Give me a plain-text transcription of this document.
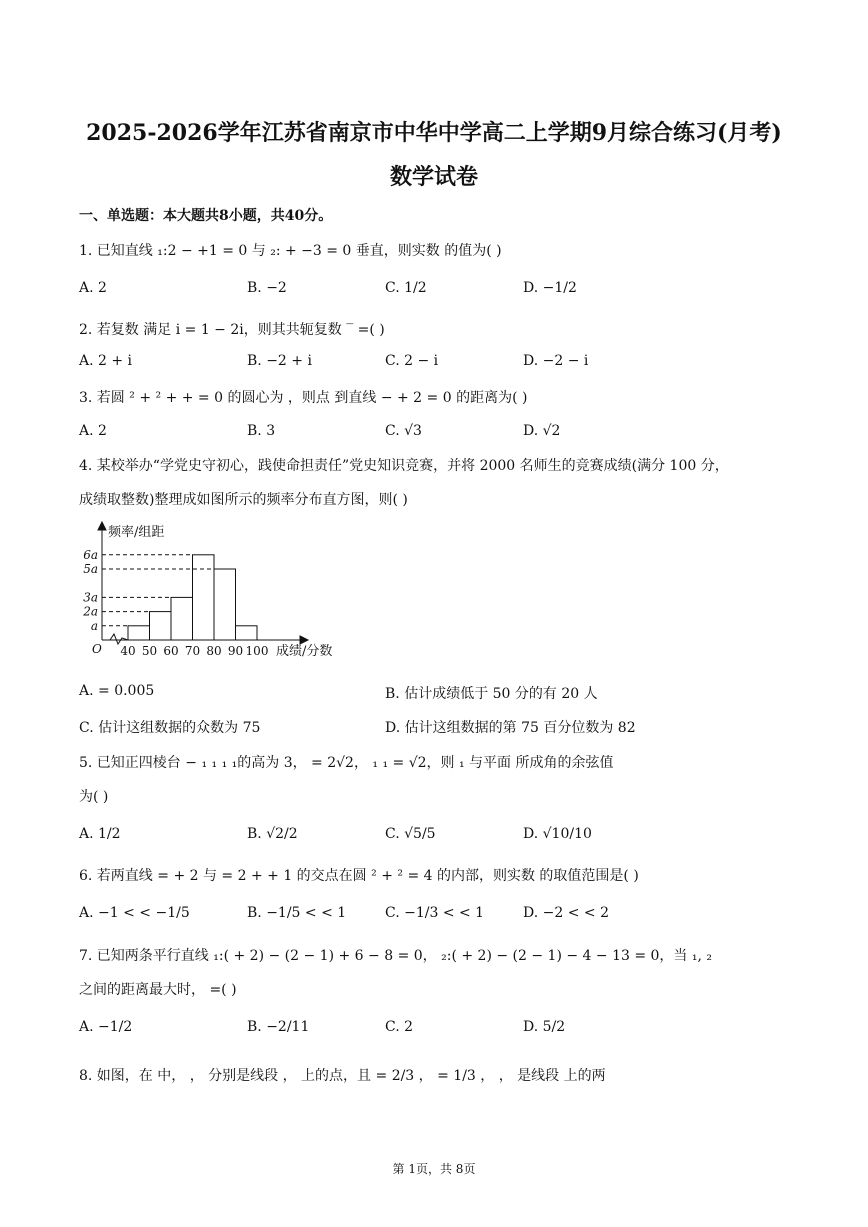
2025-2026学年江苏省南京市中华中学高二上学期9月综合练习(月考)
数学试卷
一、单选题：本大题共8小题，共40分。
1. 已知直线 ₁:2 − +1 = 0 与 ₂: + −3 = 0 垂直，则实数 的值为( )
A. 2	B. −2	C. 1/2	D. −1/2
2. 若复数 满足 i = 1 − 2i，则其共轭复数 ‾ =( )
A. 2 + i	B. −2 + i	C. 2 − i	D. −2 − i
3. 若圆 ² + ² + + = 0 的圆心为 ，则点 到直线 − + 2 = 0 的距离为( )
A. 2	B. 3	C. √3	D. √2
4. 某校举办“学党史守初心，践使命担责任”党史知识竞赛，并将 2000 名师生的竞赛成绩(满分 100 分，
成绩取整数)整理成如图所示的频率分布直方图，则( )
a
2a
3a
5a
6a
40 50 60 70 80 90 100
O
频率/组距
成绩/分数
A. = 0.005	B. 估计成绩低于 50 分的有 20 人
C. 估计这组数据的众数为 75	D. 估计这组数据的第 75 百分位数为 82
5. 已知正四棱台 − ₁ ₁ ₁ ₁的高为 3， = 2√2， ₁ ₁ = √2，则 ₁ 与平面 所成角的余弦值
为( )
A. 1/2	B. √2/2	C. √5/5	D. √10/10
6. 若两直线 = + 2 与 = 2 + + 1 的交点在圆 ² + ² = 4 的内部，则实数 的取值范围是( )
A. −1 < < −1/5	B. −1/5 < < 1	C. −1/3 < < 1	D. −2 < < 2
7. 已知两条平行直线 ₁:( + 2) − (2 − 1) + 6 − 8 = 0， ₂:( + 2) − (2 − 1) − 4 − 13 = 0，当 ₁, ₂
之间的距离最大时， =( )
A. −1/2	B. −2/11	C. 2	D. 5/2
8. 如图，在 中， ， 分别是线段 ， 上的点，且 = 2/3 ， = 1/3 ， ， 是线段 上的两
第 1页，共 8页
